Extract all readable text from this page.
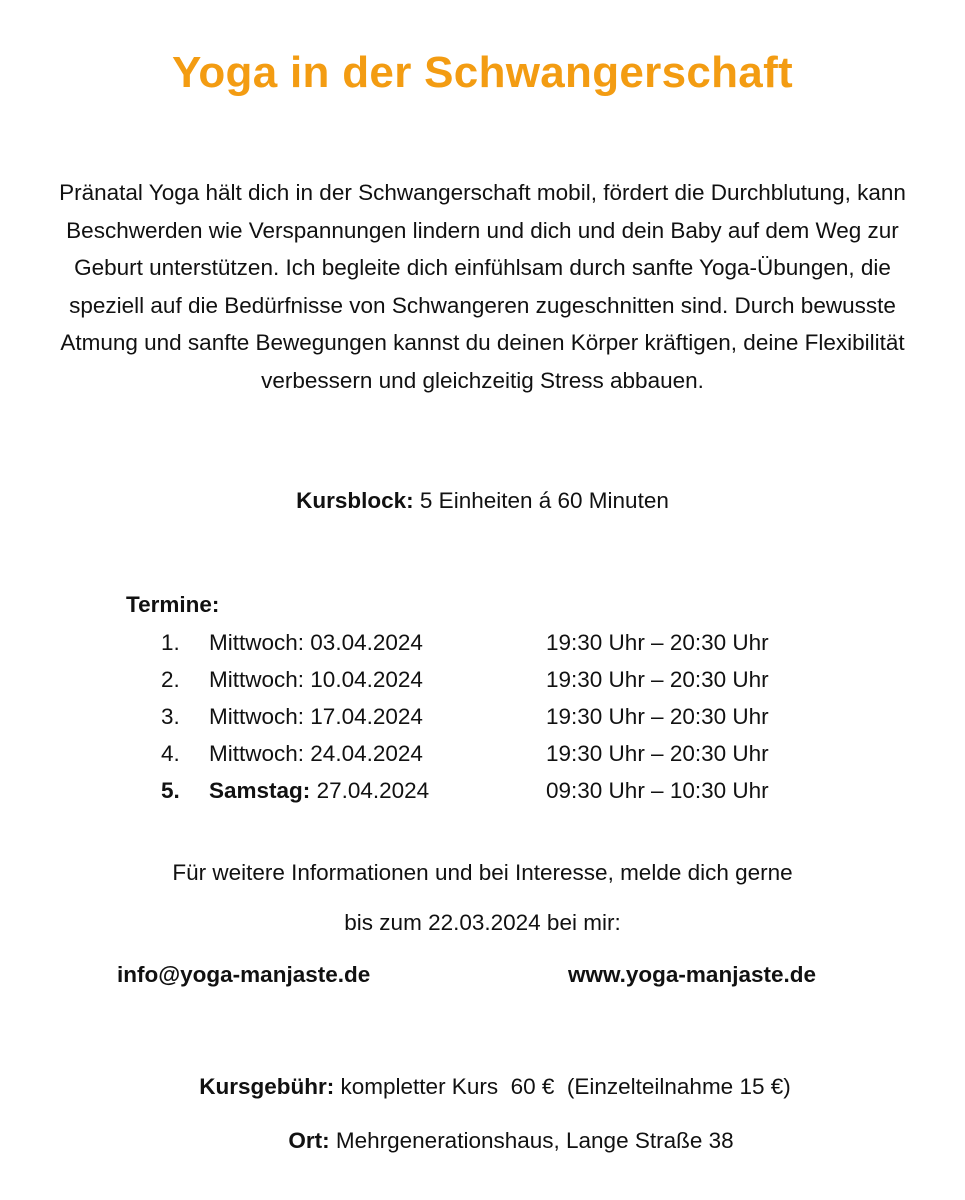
Yoga in der Schwangerschaft
Pränatal Yoga hält dich in der Schwangerschaft mobil, fördert die Durchblutung, kann Beschwerden wie Verspannungen lindern und dich und dein Baby auf dem Weg zur Geburt unterstützen. Ich begleite dich einfühlsam durch sanfte Yoga-Übungen, die speziell auf die Bedürfnisse von Schwangeren zugeschnitten sind. Durch bewusste Atmung und sanfte Bewegungen kannst du deinen Körper kräftigen, deine Flexibilität verbessern und gleichzeitig Stress abbauen.
Kursblock: 5 Einheiten á 60 Minuten
Termine:
1. Mittwoch: 03.04.2024	19:30 Uhr – 20:30 Uhr
2. Mittwoch: 10.04.2024	19:30 Uhr – 20:30 Uhr
3. Mittwoch: 17.04.2024	19:30 Uhr – 20:30 Uhr
4. Mittwoch: 24.04.2024	19:30 Uhr – 20:30 Uhr
5. Samstag: 27.04.2024	09:30 Uhr – 10:30 Uhr
Für weitere Informationen und bei Interesse, melde dich gerne
bis zum 22.03.2024 bei mir:
info@yoga-manjaste.de	www.yoga-manjaste.de
Kursgebühr: kompletter Kurs  60 €  (Einzelteilnahme 15 €)
Ort: Mehrgenerationshaus, Lange Straße 38
